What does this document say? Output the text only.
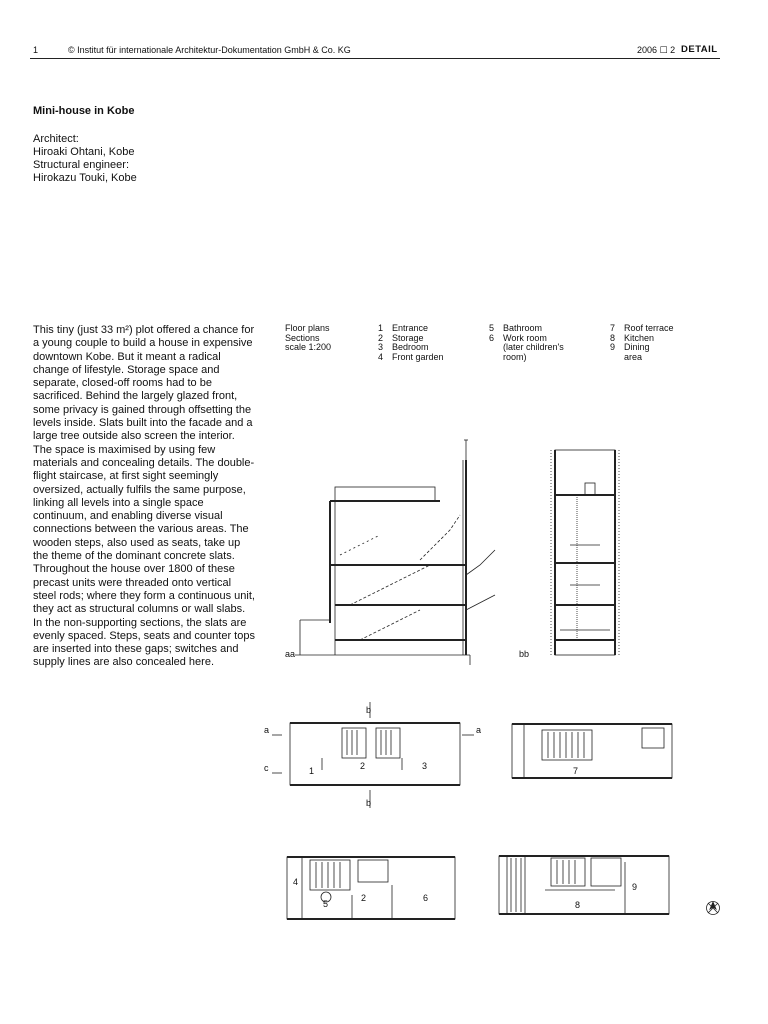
1	© Institut für internationale Architektur-Dokumentation GmbH & Co. KG	2006 ☐ 2 DETAIL
Mini-house in Kobe
Architect:
Hiroaki Ohtani, Kobe
Structural engineer:
Hirokazu Touki, Kobe

This tiny (just 33 m²) plot offered a chance for a young couple to build a house in expensive downtown Kobe. But it meant a radical change of lifestyle. Storage space and separate, closed-off rooms had to be sacrificed. Behind the largely glazed front, some privacy is gained through offsetting the levels inside. Slats built into the facade and a large tree outside also screen the interior. The space is maximised by using few materials and concealing details. The double-flight staircase, at first sight seemingly oversized, actually fulfils the same purpose, linking all levels into a single space continuum, and enabling diverse visual connections between the various areas. The wooden steps, also used as seats, take up the theme of the dominant concrete slats.

Throughout the house over 1800 of these precast units were threaded onto vertical steel rods; where they form a continuous unit, they act as structural columns or wall slabs. In the non-supporting sections, the slats are evenly spaced. Steps, seats and counter tops are inserted into these gaps; switches and supply lines are also concealed here.

Floor plans
Sections
scale 1:200
1 Entrance
2 Storage
3 Bedroom
4 Front garden
5 Bathroom
6 Work room
(later children's
room)
7 Roof terrace
8 Kitchen
9 Dining
area
aa	bb
a	a
b
b
c	1	2	3	7
4
5
2	6
8
9
